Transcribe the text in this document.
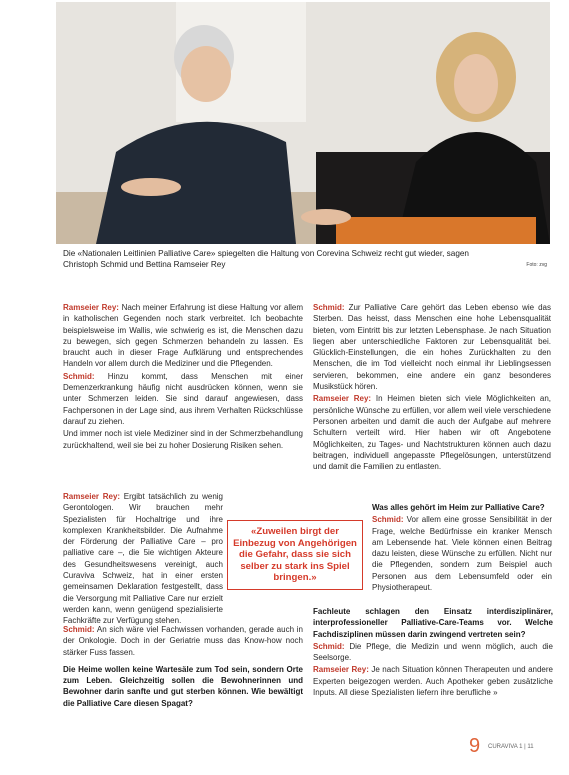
Die «Nationalen Leitlinien Palliative Care» spiegelten die Haltung von Corevina Schweiz recht gut wieder, sagen Christoph Schmid und Bettina Ramseier Rey	Foto: zvg

Ramseier Rey: Nach meiner Erfahrung ist diese Haltung vor allem in katholischen Gegenden noch stark verbreitet. Ich beobachte beispielsweise im Wallis, wie schwierig es ist, die Menschen dazu zu bewegen, sich gegen Schmerzen behandeln zu lassen. Es braucht auch in dieser Frage Aufklärung und entsprechendes Handeln vor allem durch die Mediziner und die Pflegenden.

Schmid: Hinzu kommt, dass Menschen mit einer Demenzerkrankung häufig nicht ausdrücken können, wenn sie unter Schmerzen leiden. Sie sind darauf angewiesen, dass Fachpersonen in der Lage sind, aus ihrem Verhalten Rückschlüsse darauf zu ziehen.

Und immer noch ist viele Mediziner sind in der Schmerzbehandlung zurückhaltend, weil sie bei zu hoher Dosierung Risiken sehen.

Ramseier Rey: Ergibt tatsächlich zu wenig Gerontologen. Wir brauchen mehr Spezialisten für Hochaltrige und ihre komplexen Krankheitsbilder. Die Aufnahme der Förderung der Palliative Care – pro palliative care –, die 5ie wichtigen Akteure des Gesundheitswesens vereinigt, auch Curaviva Schweiz, hat in einer ersten gemeinsamen Deklaration festgestellt, dass die Versorgung mit Palliative Care nur erzielt werden kann, wenn genügend spezialisierte Fachkräfte zur Verfügung stehen.

Schmid: An sich wäre viel Fachwissen vorhanden, gerade auch in der Onkologie. Doch in der Geriatrie muss das Know-how noch stärker Fuss fassen.

Die Heime wollen keine Wartesäle zum Tod sein, sondern Orte zum Leben. Gleichzeitig sollen die Bewohnerinnen und Bewohner darin sanfte und gut sterben können. Wie bewältigt die Palliative Care diesen Spagat?

«Zuweilen birgt der Einbezug von Angehörigen die Gefahr, dass sie sich selber zu stark ins Spiel bringen.»

Schmid: Zur Palliative Care gehört das Leben ebenso wie das Sterben. Das heisst, dass Menschen eine hohe Lebensqualität bieten, vom Eintritt bis zur letzten Lebensphase. Je nach Situation liegen aber unterschiedliche Faktoren zur Lebensqualität bei. Glücklich-Einstellungen, die ein hohes Zurückhalten zu den Menschen, die im Tod vielleicht noch einmal ihr Lieblingsessen servieren, bekommen, eine andere ein ganz besonderes Musikstück hören.

Ramseier Rey: In Heimen bieten sich viele Möglichkeiten an, persönliche Wünsche zu erfüllen, vor allem weil viele verschiedene Personen arbeiten und damit die auch der Aufgabe auf mehrere Schultern verteilt wird. Hier haben wir oft Angebotene Möglichkeiten, zu Tages- und Nachtstrukturen können auch dazu beitragen, individuell angepasste Pflegelösungen, unterstützend und damit die Familien zu entlasten.

Was alles gehört im Heim zur Palliative Care?

Schmid: Vor allem eine grosse Sensibilität in der Frage, welche Bedürfnisse ein kranker Mensch am Lebensende hat. Viele können einen Beitrag dazu leisten, diese Wünsche zu erfüllen. Nicht nur die Pflegenden, sondern zum Beispiel auch Personen aus dem Lebensumfeld oder ein Physiotherapeut.

Fachleute schlagen den Einsatz interdisziplinärer, interprofessioneller Palliative-Care-Teams vor. Welche Fachdisziplinen müssen darin zwingend vertreten sein?

Schmid: Die Pflege, die Medizin und wenn möglich, auch die Seelsorge.

Ramseier Rey: Je nach Situation können Therapeuten und andere Experten beigezogen werden. Auch Apotheker geben zusätzliche Inputs. All diese Spezialisten liefern ihre berufliche »

9 CURAVIVA 1 | 11
